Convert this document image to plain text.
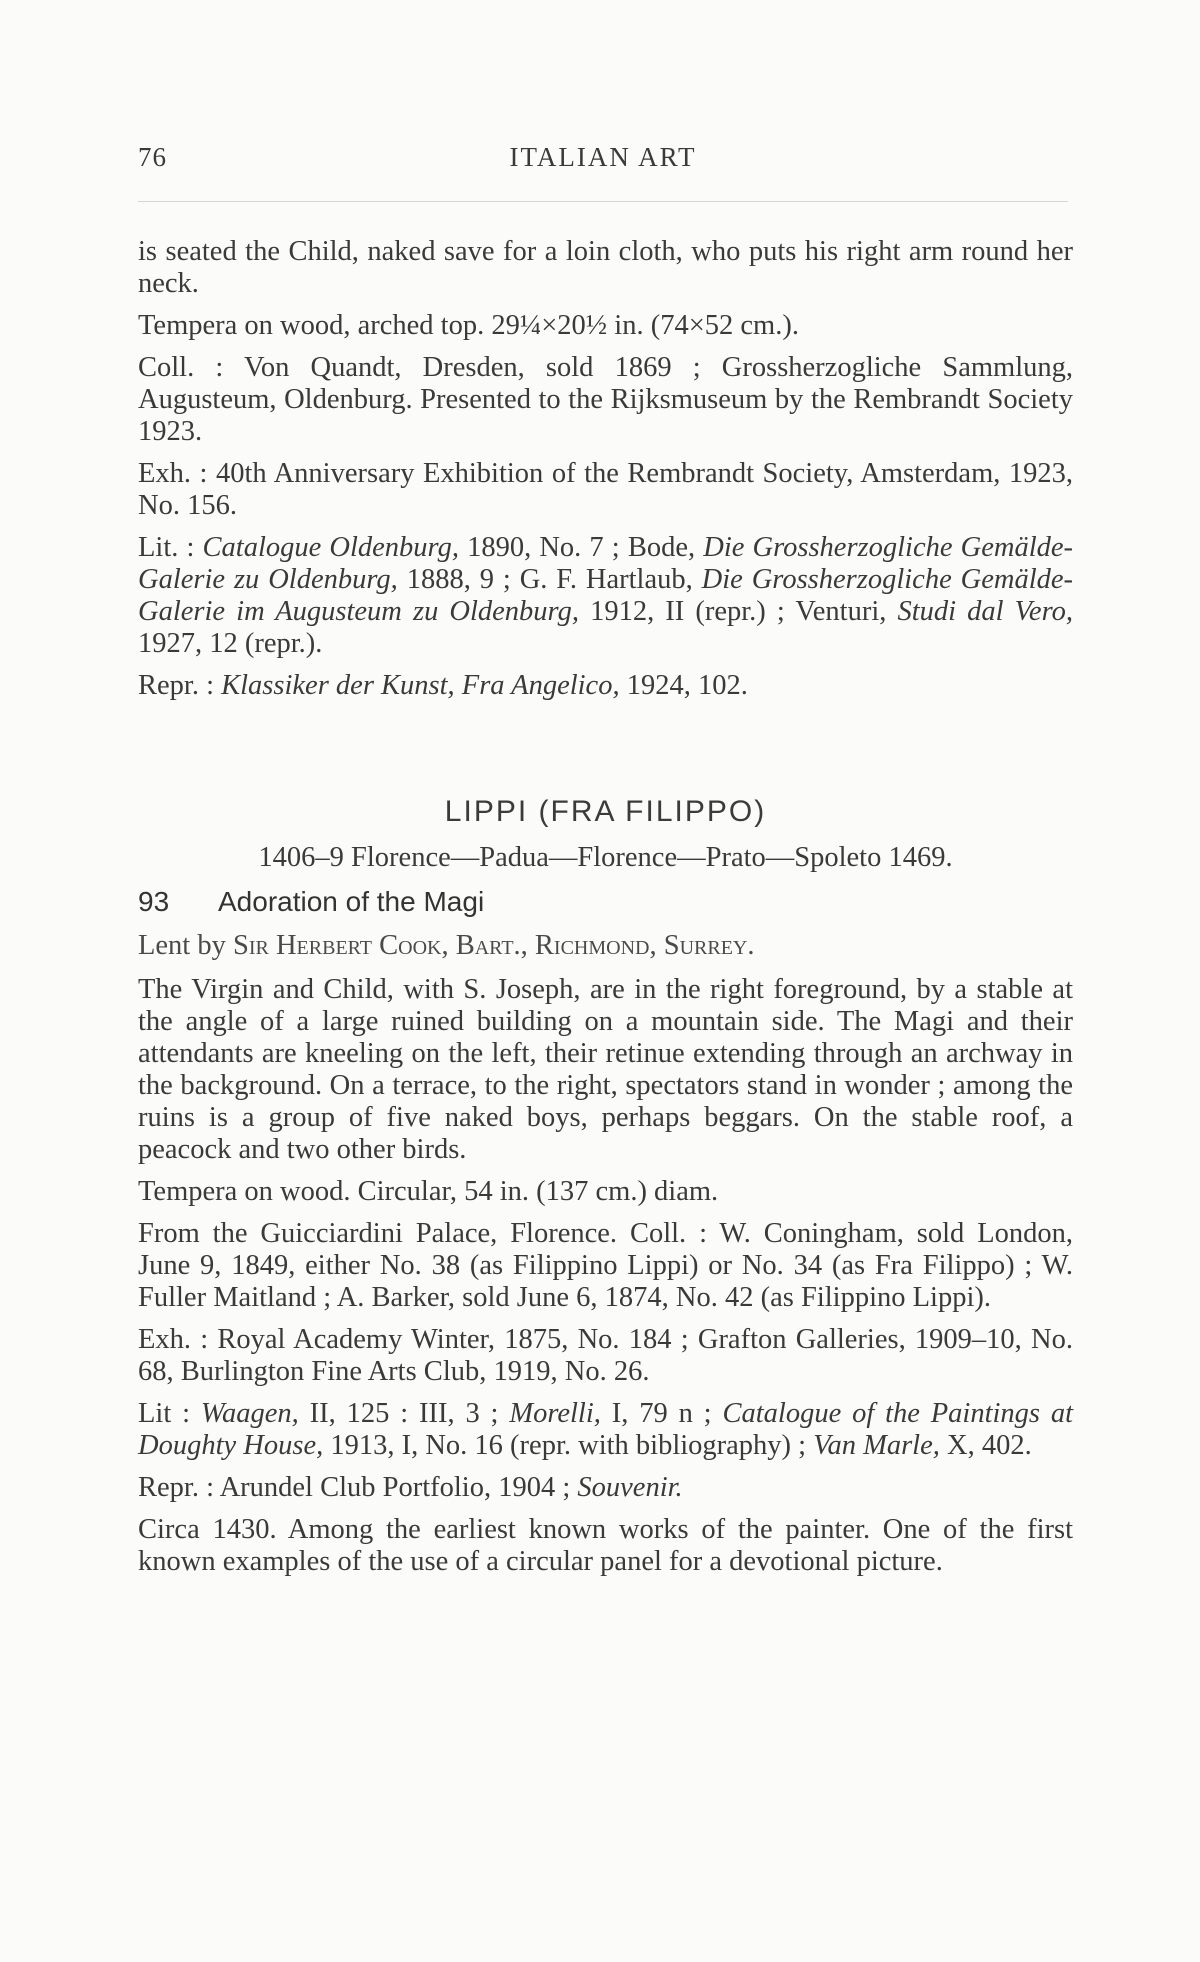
76	ITALIAN ART

is seated the Child, naked save for a loin cloth, who puts his right arm round her neck.

Tempera on wood, arched top. 29¼×20½ in. (74×52 cm.).

Coll. : Von Quandt, Dresden, sold 1869 ; Grossherzogliche Sammlung, Augusteum, Oldenburg. Presented to the Rijksmuseum by the Rembrandt Society 1923.

Exh. : 40th Anniversary Exhibition of the Rembrandt Society, Amsterdam, 1923, No. 156.

Lit. : Catalogue Oldenburg, 1890, No. 7 ; Bode, Die Grossherzogliche Gemälde-Galerie zu Oldenburg, 1888, 9 ; G. F. Hartlaub, Die Grossherzogliche Gemälde-Galerie im Augusteum zu Oldenburg, 1912, II (repr.) ; Venturi, Studi dal Vero, 1927, 12 (repr.).

Repr. : Klassiker der Kunst, Fra Angelico, 1924, 102.

LIPPI (FRA FILIPPO)
1406–9 Florence—Padua—Florence—Prato—Spoleto 1469.
93 Adoration of the Magi

Lent by Sir Herbert Cook, Bart., Richmond, Surrey.

The Virgin and Child, with S. Joseph, are in the right foreground, by a stable at the angle of a large ruined building on a mountain side. The Magi and their attendants are kneeling on the left, their retinue extending through an archway in the background. On a terrace, to the right, spectators stand in wonder ; among the ruins is a group of five naked boys, perhaps beggars. On the stable roof, a peacock and two other birds.

Tempera on wood. Circular, 54 in. (137 cm.) diam.

From the Guicciardini Palace, Florence. Coll. : W. Coningham, sold London, June 9, 1849, either No. 38 (as Filippino Lippi) or No. 34 (as Fra Filippo) ; W. Fuller Maitland ; A. Barker, sold June 6, 1874, No. 42 (as Filippino Lippi).

Exh. : Royal Academy Winter, 1875, No. 184 ; Grafton Galleries, 1909–10, No. 68, Burlington Fine Arts Club, 1919, No. 26.

Lit : Waagen, II, 125 : III, 3 ; Morelli, I, 79 n ; Catalogue of the Paintings at Doughty House, 1913, I, No. 16 (repr. with bibliography) ; Van Marle, X, 402.

Repr. : Arundel Club Portfolio, 1904 ; Souvenir.

Circa 1430. Among the earliest known works of the painter. One of the first known examples of the use of a circular panel for a devotional picture.
